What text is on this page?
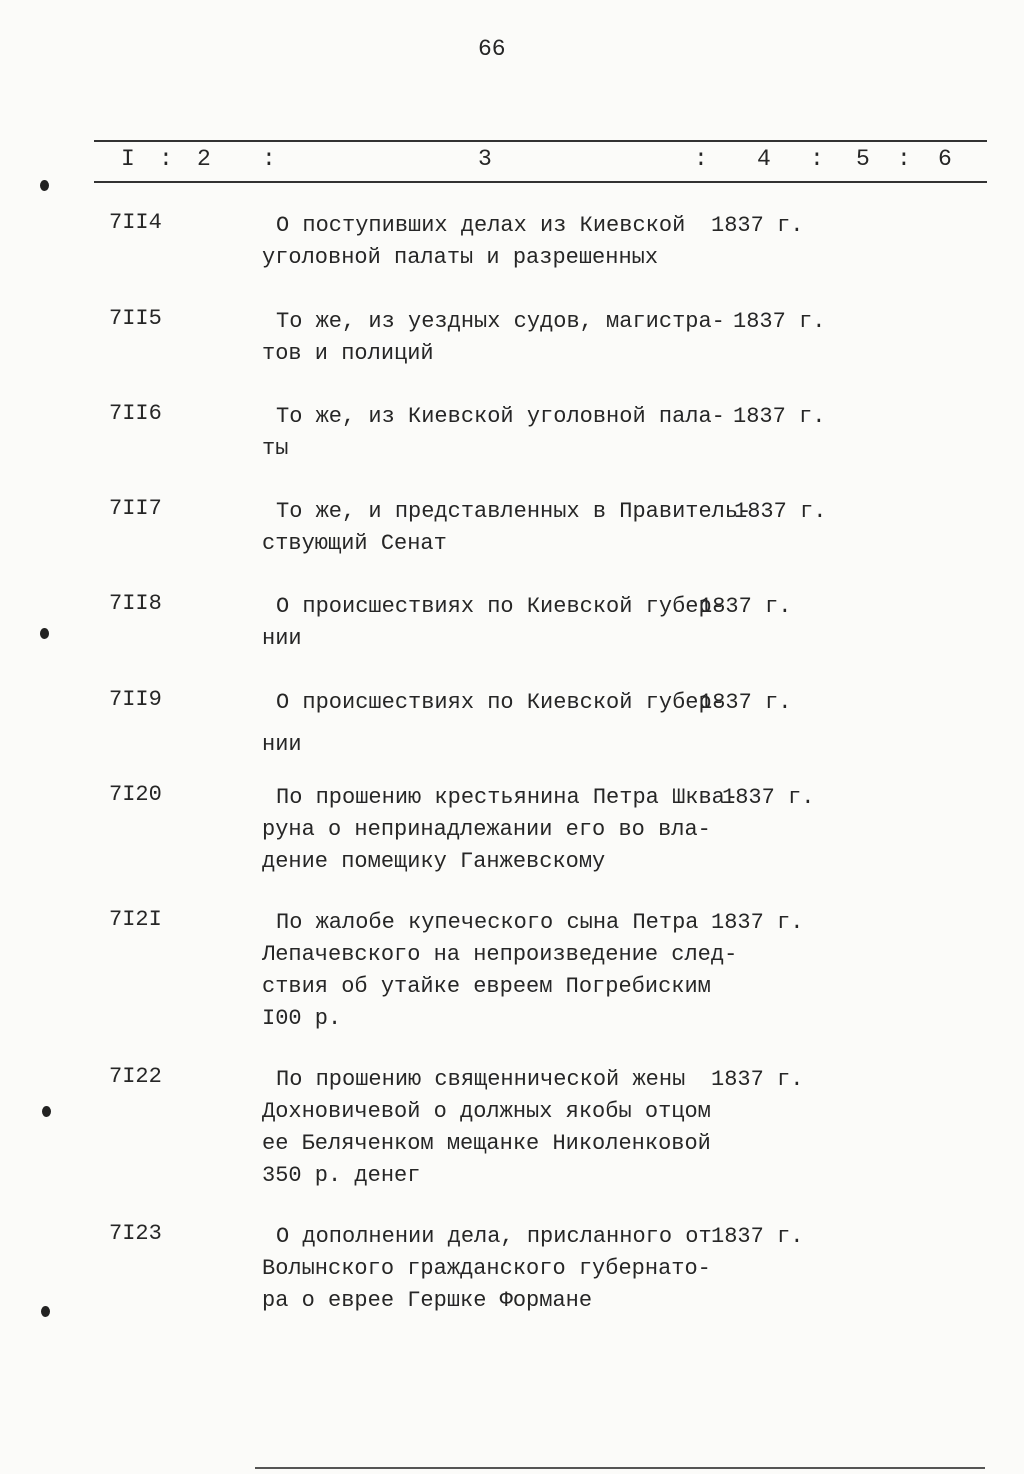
66
I : 2 :	3	: 4 : 5 : 6
7II4	О поступивших делах из Киевской
уголовной палаты и разрешенных
1837 г.
7II5	То же, из уездных судов, магистра-
тов и полиций
1837 г.
7II6	То же, из Киевской уголовной пала-
ты
1837 г.
7II7	То же, и представленных в Правитель-
ствующий Сенат
1837 г.
7II8	О происшествиях по Киевской губер-
нии
1837 г.
7II9	О происшествиях по Киевской губер-
нии
1837 г.
7I20	По прошению крестьянина Петра Шква-
руна о непринадлежании его во вла-
дение помещику Ганжевскому
1837 г.
7I2I	По жалобе купеческого сына Петра
Лепачевского на непроизведение след-
ствия об утайке евреем Погребиским
I00 р.
1837 г.
7I22	По прошению священнической жены
Дохновичевой о должных якобы отцом
ее Беляченком мещанке Николенковой
350 р. денег
1837 г.
7I23	О дополнении дела, присланного от
Волынского гражданского губернато-
ра о еврее Гершке Формане
1837 г.
